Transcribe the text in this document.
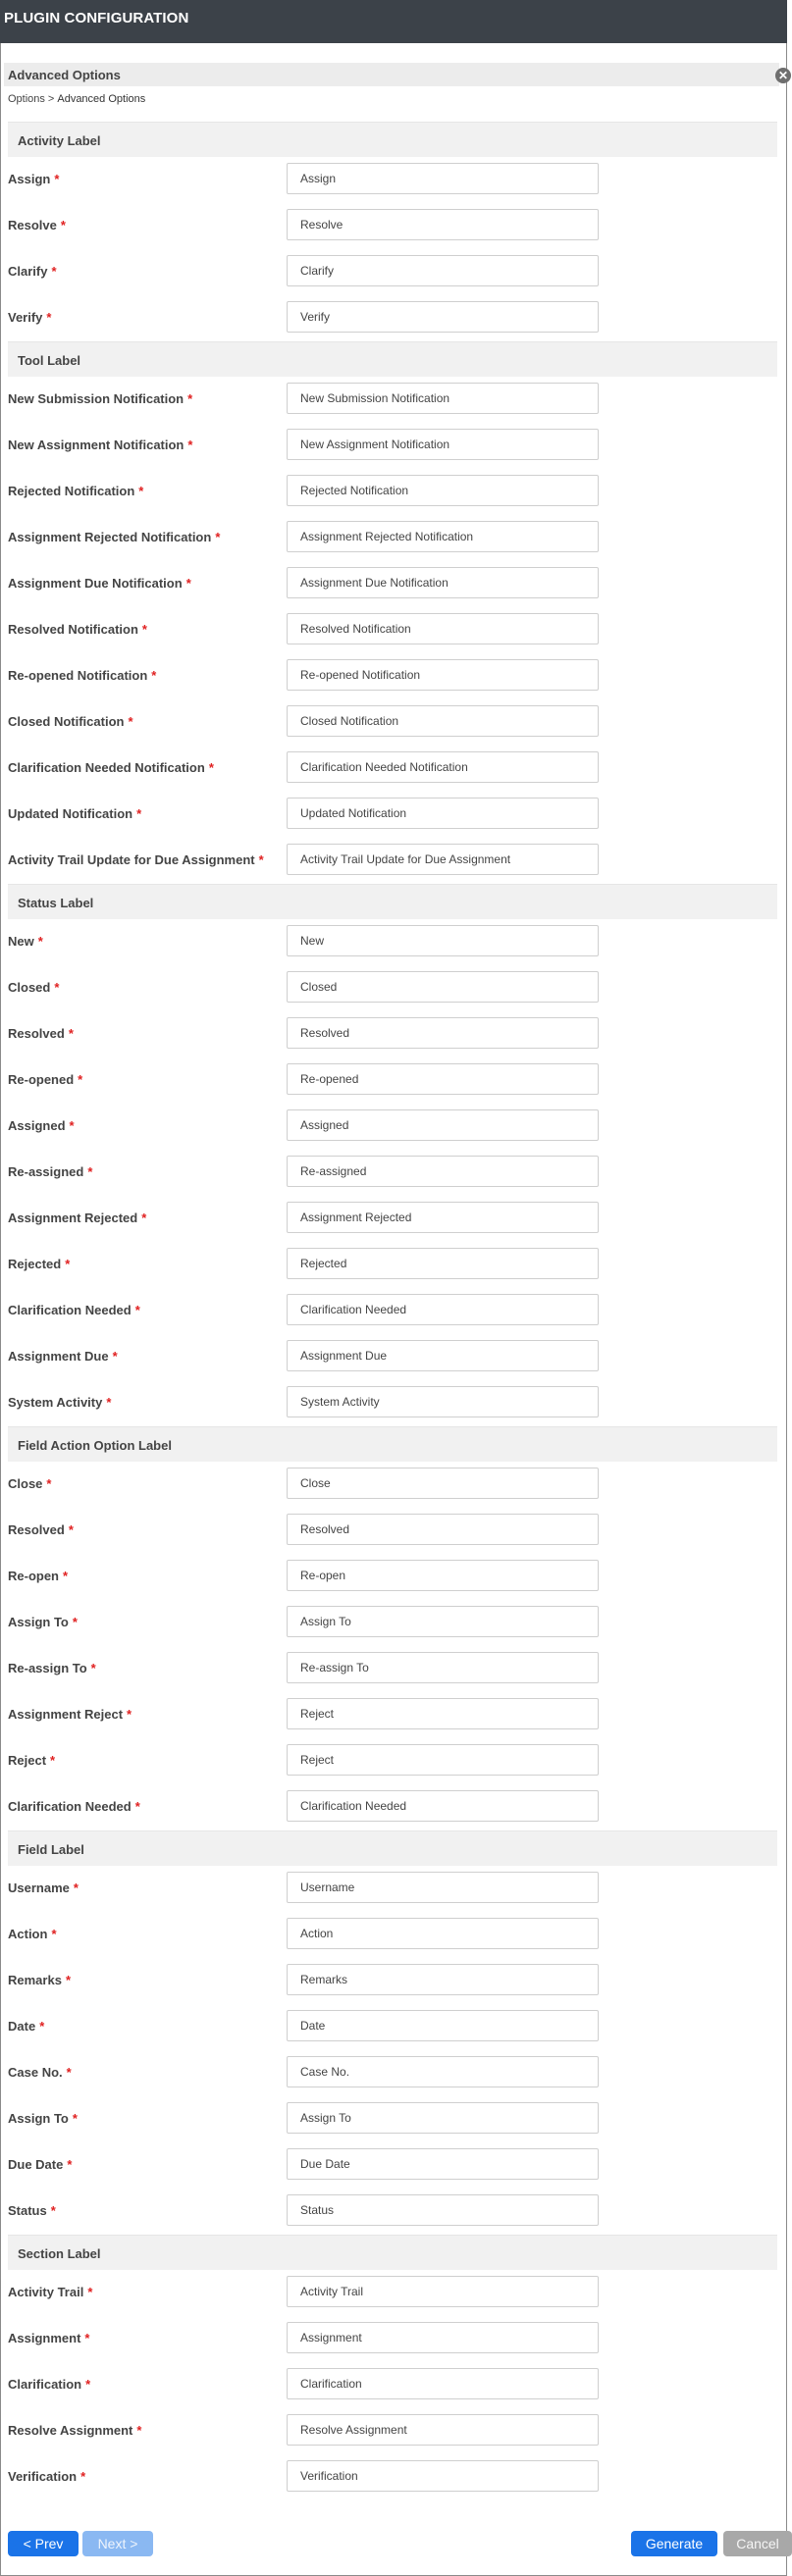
PLUGIN CONFIGURATION
Advanced Options	✕
Options > Advanced Options
Activity Label
Assign *
Assign
Resolve *
Resolve
Clarify *
Clarify
Verify *
Verify
Tool Label
New Submission Notification *
New Submission Notification
New Assignment Notification *
New Assignment Notification
Rejected Notification *
Rejected Notification
Assignment Rejected Notification *
Assignment Rejected Notification
Assignment Due Notification *
Assignment Due Notification
Resolved Notification *
Resolved Notification
Re-opened Notification *
Re-opened Notification
Closed Notification *
Closed Notification
Clarification Needed Notification *
Clarification Needed Notification
Updated Notification *
Updated Notification
Activity Trail Update for Due Assignment *
Activity Trail Update for Due Assignment
Status Label
New *
New
Closed *
Closed
Resolved *
Resolved
Re-opened *
Re-opened
Assigned *
Assigned
Re-assigned *
Re-assigned
Assignment Rejected *
Assignment Rejected
Rejected *
Rejected
Clarification Needed *
Clarification Needed
Assignment Due *
Assignment Due
System Activity *
System Activity
Field Action Option Label
Close *
Close
Resolved *
Resolved
Re-open *
Re-open
Assign To *
Assign To
Re-assign To *
Re-assign To
Assignment Reject *
Reject
Reject *
Reject
Clarification Needed *
Clarification Needed
Field Label
Username *
Username
Action *
Action
Remarks *
Remarks
Date *
Date
Case No. *
Case No.
Assign To *
Assign To
Due Date *
Due Date
Status *
Status
Section Label
Activity Trail *
Activity Trail
Assignment *
Assignment
Clarification *
Clarification
Resolve Assignment *
Resolve Assignment
Verification *
Verification
< Prev	Next >	Generate	Cancel
